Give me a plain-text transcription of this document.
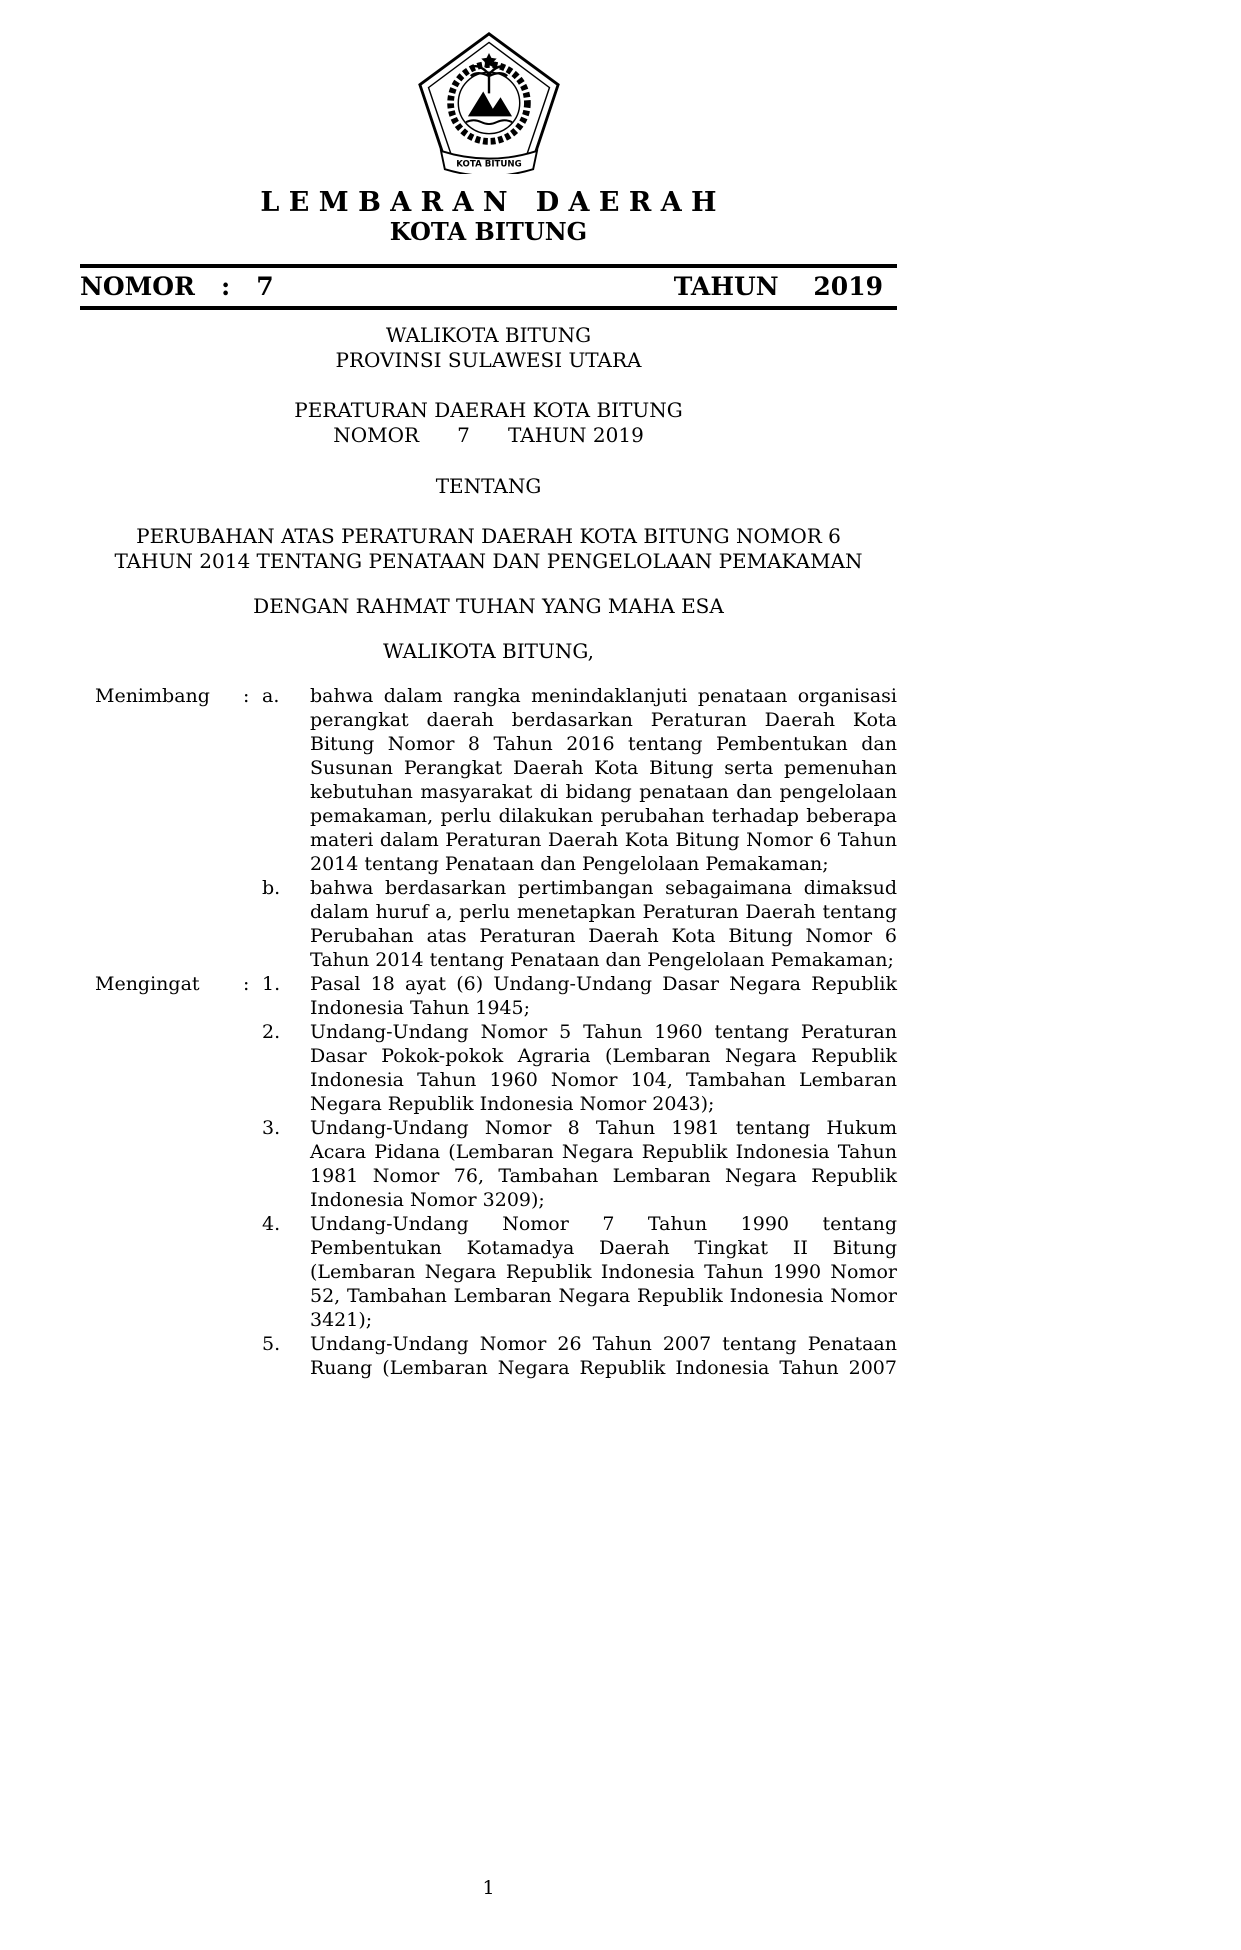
KOTA BITUNG
L E M B A R A N   D A E R A H
KOTA BITUNG
NOMOR   :   7	TAHUN    2019
WALIKOTA BITUNG
PROVINSI SULAWESI UTARA
PERATURAN DAERAH KOTA BITUNG
NOMOR      7      TAHUN 2019
TENTANG
PERUBAHAN ATAS PERATURAN DAERAH KOTA BITUNG NOMOR 6 TAHUN 2014 TENTANG PENATAAN DAN PENGELOLAAN PEMAKAMAN
DENGAN RAHMAT TUHAN YANG MAHA ESA
WALIKOTA BITUNG,
Menimbang	: a.	bahwa dalam rangka menindaklanjuti penataan organisasi perangkat daerah berdasarkan Peraturan Daerah Kota Bitung Nomor 8 Tahun 2016 tentang Pembentukan dan Susunan Perangkat Daerah Kota Bitung serta pemenuhan kebutuhan masyarakat di bidang penataan dan pengelolaan pemakaman, perlu dilakukan perubahan terhadap beberapa materi dalam Peraturan Daerah Kota Bitung Nomor 6 Tahun 2014 tentang Penataan dan Pengelolaan Pemakaman;
b.	bahwa berdasarkan pertimbangan sebagaimana dimaksud dalam huruf a, perlu menetapkan Peraturan Daerah tentang Perubahan atas Peraturan Daerah Kota Bitung Nomor 6 Tahun 2014 tentang Penataan dan Pengelolaan Pemakaman;
Mengingat	: 1.	Pasal 18 ayat (6) Undang-Undang Dasar Negara Republik Indonesia Tahun 1945;
2.	Undang-Undang Nomor 5 Tahun 1960 tentang Peraturan Dasar Pokok-pokok Agraria (Lembaran Negara Republik Indonesia Tahun 1960 Nomor 104, Tambahan Lembaran Negara Republik Indonesia Nomor 2043);
3.	Undang-Undang Nomor 8 Tahun 1981 tentang Hukum Acara Pidana (Lembaran Negara Republik Indonesia Tahun 1981 Nomor 76, Tambahan Lembaran Negara Republik Indonesia Nomor 3209);
4.	Undang-Undang Nomor 7 Tahun 1990 tentang Pembentukan Kotamadya Daerah Tingkat II Bitung (Lembaran Negara Republik Indonesia Tahun 1990 Nomor 52, Tambahan Lembaran Negara Republik Indonesia Nomor 3421);
5.	Undang-Undang Nomor 26 Tahun 2007 tentang Penataan Ruang (Lembaran Negara Republik Indonesia Tahun 2007
1
